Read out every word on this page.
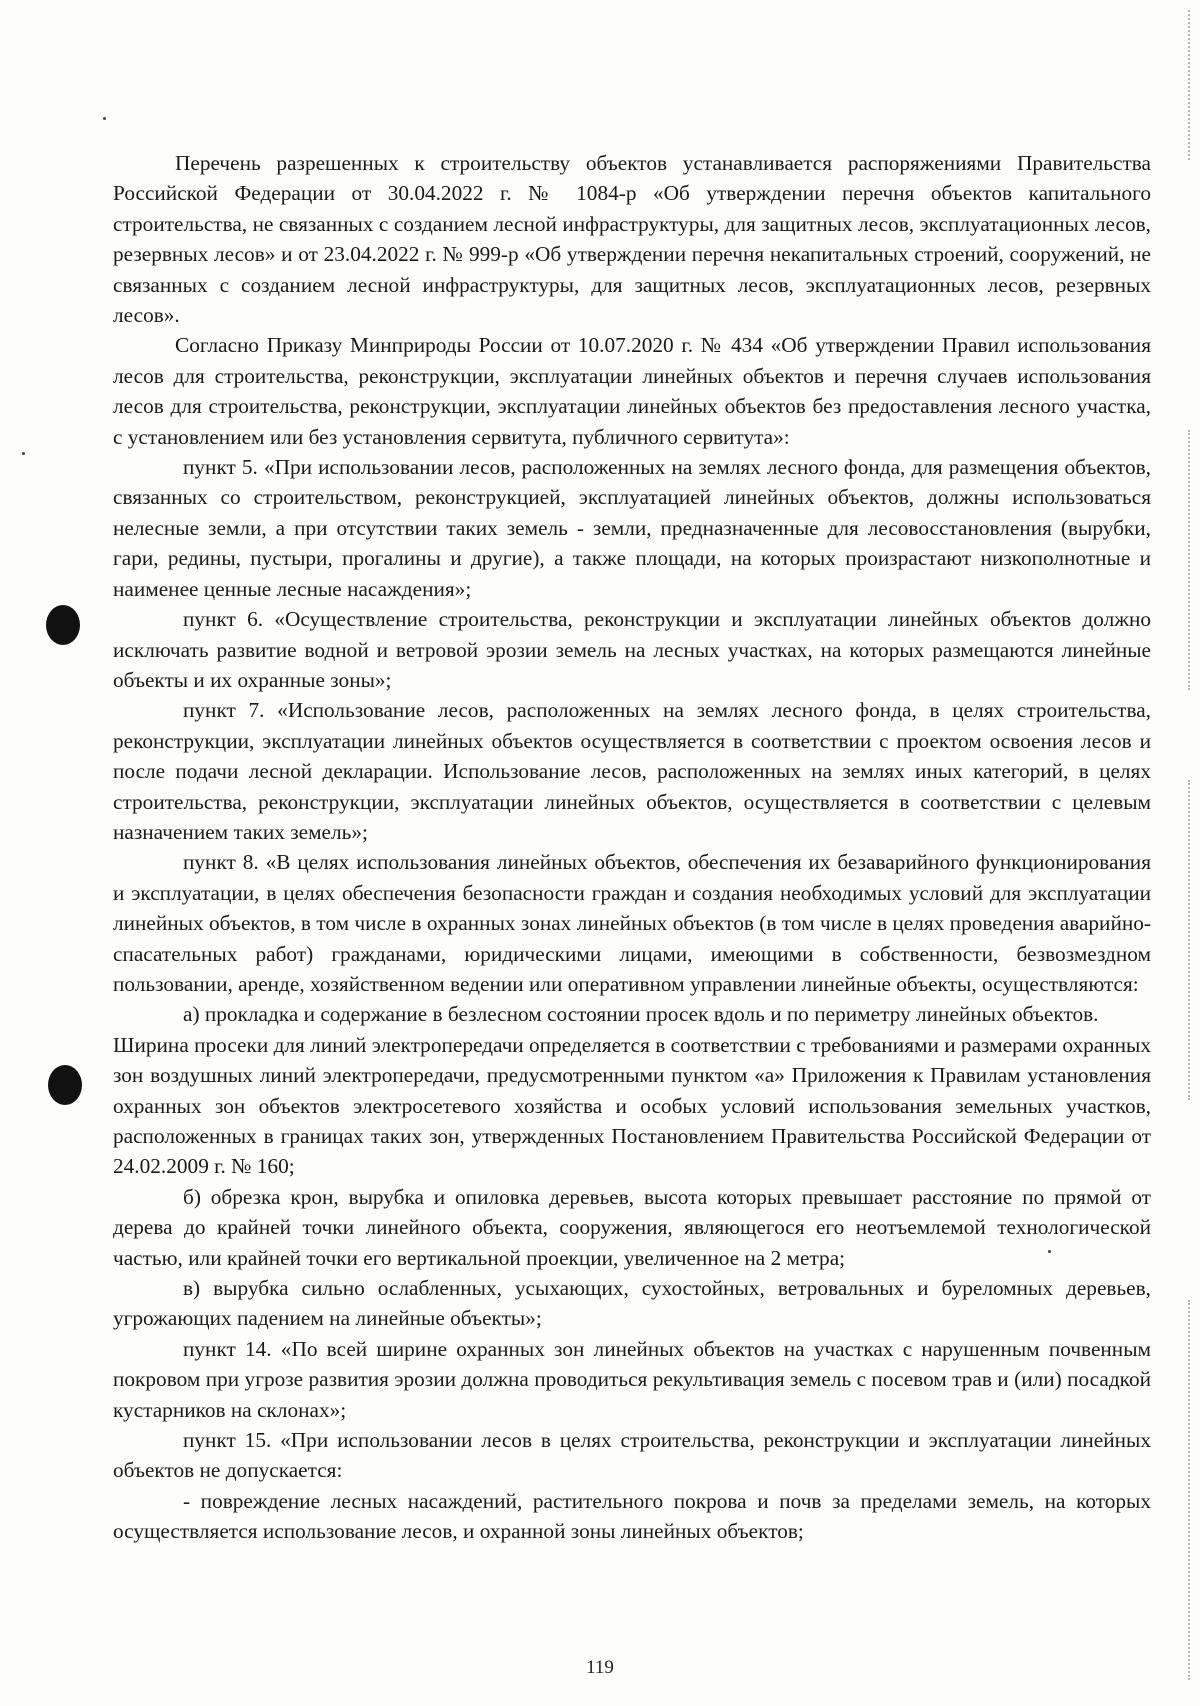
Перечень разрешенных к строительству объектов устанавливается распоряжениями Правительства Российской Федерации от 30.04.2022 г. № 1084-р «Об утверждении перечня объектов капитального строительства, не связанных с созданием лесной инфраструктуры, для защитных лесов, эксплуатационных лесов, резервных лесов» и от 23.04.2022 г. № 999-р «Об утверждении перечня некапитальных строений, сооружений, не связанных с созданием лесной инфраструктуры, для защитных лесов, эксплуатационных лесов, резервных лесов».

Согласно Приказу Минприроды России от 10.07.2020 г. № 434 «Об утверждении Правил использования лесов для строительства, реконструкции, эксплуатации линейных объектов и перечня случаев использования лесов для строительства, реконструкции, эксплуатации линейных объектов без предоставления лесного участка, с установлением или без установления сервитута, публичного сервитута»:

пункт 5. «При использовании лесов, расположенных на землях лесного фонда, для размещения объектов, связанных со строительством, реконструкцией, эксплуатацией линейных объектов, должны использоваться нелесные земли, а при отсутствии таких земель - земли, предназначенные для лесовосстановления (вырубки, гари, редины, пустыри, прогалины и другие), а также площади, на которых произрастают низкополнотные и наименее ценные лесные насаждения»;

пункт 6. «Осуществление строительства, реконструкции и эксплуатации линейных объектов должно исключать развитие водной и ветровой эрозии земель на лесных участках, на которых размещаются линейные объекты и их охранные зоны»;

пункт 7. «Использование лесов, расположенных на землях лесного фонда, в целях строительства, реконструкции, эксплуатации линейных объектов осуществляется в соответствии с проектом освоения лесов и после подачи лесной декларации. Использование лесов, расположенных на землях иных категорий, в целях строительства, реконструкции, эксплуатации линейных объектов, осуществляется в соответствии с целевым назначением таких земель»;

пункт 8. «В целях использования линейных объектов, обеспечения их безаварийного функционирования и эксплуатации, в целях обеспечения безопасности граждан и создания необходимых условий для эксплуатации линейных объектов, в том числе в охранных зонах линейных объектов (в том числе в целях проведения аварийно-спасательных работ) гражданами, юридическими лицами, имеющими в собственности, безвозмездном пользовании, аренде, хозяйственном ведении или оперативном управлении линейные объекты, осуществляются:

а) прокладка и содержание в безлесном состоянии просек вдоль и по периметру линейных объектов.

Ширина просеки для линий электропередачи определяется в соответствии с требованиями и размерами охранных зон воздушных линий электропередачи, предусмотренными пунктом «а» Приложения к Правилам установления охранных зон объектов электросетевого хозяйства и особых условий использования земельных участков, расположенных в границах таких зон, утвержденных Постановлением Правительства Российской Федерации от 24.02.2009 г. № 160;

б) обрезка крон, вырубка и опиловка деревьев, высота которых превышает расстояние по прямой от дерева до крайней точки линейного объекта, сооружения, являющегося его неотъемлемой технологической частью, или крайней точки его вертикальной проекции, увеличенное на 2 метра;

в) вырубка сильно ослабленных, усыхающих, сухостойных, ветровальных и буреломных деревьев, угрожающих падением на линейные объекты»;

пункт 14. «По всей ширине охранных зон линейных объектов на участках с нарушенным почвенным покровом при угрозе развития эрозии должна проводиться рекультивация земель с посевом трав и (или) посадкой кустарников на склонах»;

пункт 15. «При использовании лесов в целях строительства, реконструкции и эксплуатации линейных объектов не допускается:

- повреждение лесных насаждений, растительного покрова и почв за пределами земель, на которых осуществляется использование лесов, и охранной зоны линейных объектов;

119
